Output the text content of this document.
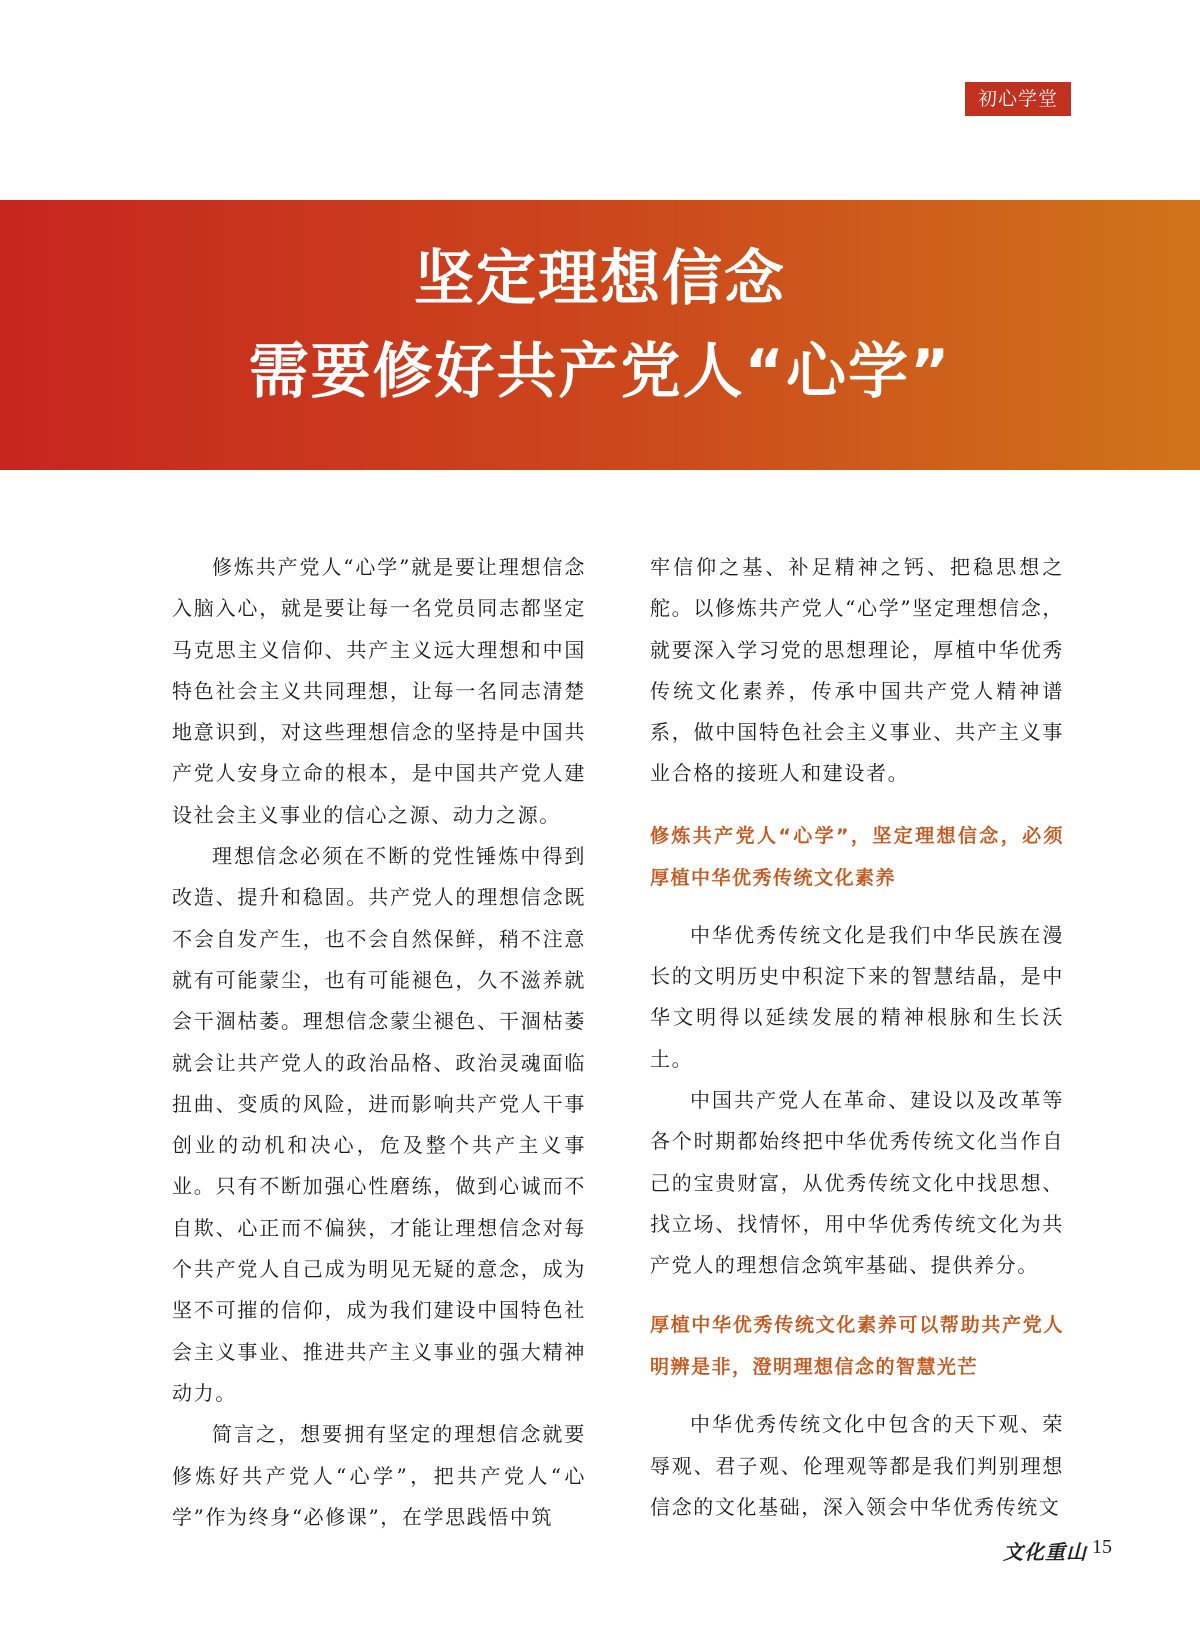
初心学堂
坚定理想信念
需要修好共产党人“心学”

修炼共产党人“心学”就是要让理想信念入脑入心，就是要让每一名党员同志都坚定马克思主义信仰、共产主义远大理想和中国特色社会主义共同理想，让每一名同志清楚地意识到，对这些理想信念的坚持是中国共产党人安身立命的根本，是中国共产党人建设社会主义事业的信心之源、动力之源。

理想信念必须在不断的党性锤炼中得到改造、提升和稳固。共产党人的理想信念既不会自发产生，也不会自然保鲜，稍不注意就有可能蒙尘，也有可能褪色，久不滋养就会干涸枯萎。理想信念蒙尘褪色、干涸枯萎就会让共产党人的政治品格、政治灵魂面临扭曲、变质的风险，进而影响共产党人干事创业的动机和决心，危及整个共产主义事业。只有不断加强心性磨练，做到心诚而不自欺、心正而不偏狭，才能让理想信念对每个共产党人自己成为明见无疑的意念，成为坚不可摧的信仰，成为我们建设中国特色社会主义事业、推进共产主义事业的强大精神动力。

简言之，想要拥有坚定的理想信念就要修炼好共产党人“心学”，把共产党人“心学”作为终身“必修课”，在学思践悟中筑

牢信仰之基、补足精神之钙、把稳思想之舵。以修炼共产党人“心学”坚定理想信念，就要深入学习党的思想理论，厚植中华优秀传统文化素养，传承中国共产党人精神谱系，做中国特色社会主义事业、共产主义事业合格的接班人和建设者。

修炼共产党人“心学”，坚定理想信念，必须厚植中华优秀传统文化素养

中华优秀传统文化是我们中华民族在漫长的文明历史中积淀下来的智慧结晶，是中华文明得以延续发展的精神根脉和生长沃土。

中国共产党人在革命、建设以及改革等各个时期都始终把中华优秀传统文化当作自己的宝贵财富，从优秀传统文化中找思想、找立场、找情怀，用中华优秀传统文化为共产党人的理想信念筑牢基础、提供养分。

厚植中华优秀传统文化素养可以帮助共产党人明辨是非，澄明理想信念的智慧光芒

中华优秀传统文化中包含的天下观、荣辱观、君子观、伦理观等都是我们判别理想信念的文化基础，深入领会中华优秀传统文

文化重山 15
